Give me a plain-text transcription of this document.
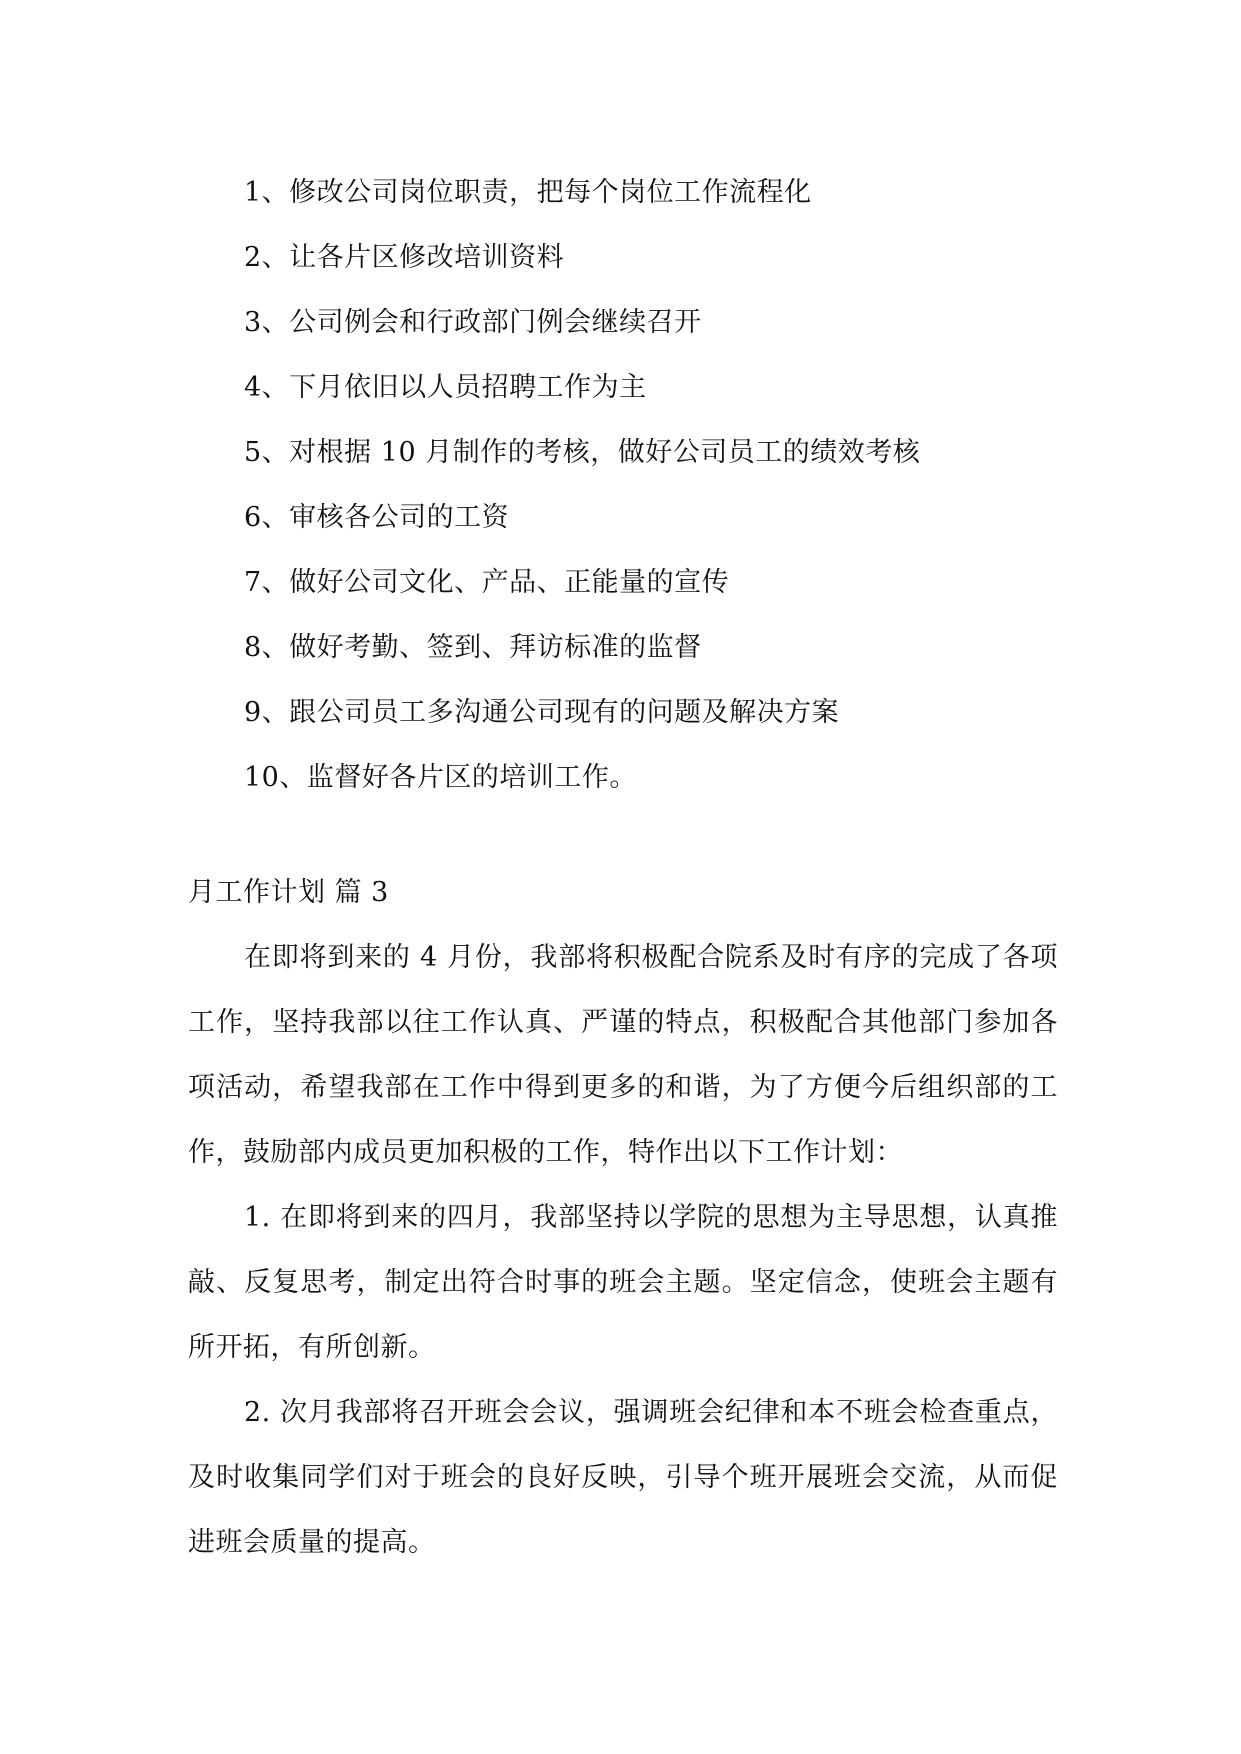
1、修改公司岗位职责，把每个岗位工作流程化
2、让各片区修改培训资料
3、公司例会和行政部门例会继续召开
4、下月依旧以人员招聘工作为主
5、对根据 10 月制作的考核，做好公司员工的绩效考核
6、审核各公司的工资
7、做好公司文化、产品、正能量的宣传
8、做好考勤、签到、拜访标准的监督
9、跟公司员工多沟通公司现有的问题及解决方案
10、监督好各片区的培训工作。
月工作计划 篇 3

在即将到来的 4 月份，我部将积极配合院系及时有序的完成了各项工作，坚持我部以往工作认真、严谨的特点，积极配合其他部门参加各项活动，希望我部在工作中得到更多的和谐，为了方便今后组织部的工作，鼓励部内成员更加积极的工作，特作出以下工作计划：

1. 在即将到来的四月，我部坚持以学院的思想为主导思想，认真推敲、反复思考，制定出符合时事的班会主题。坚定信念，使班会主题有所开拓，有所创新。

2. 次月我部将召开班会会议，强调班会纪律和本不班会检查重点，及时收集同学们对于班会的良好反映，引导个班开展班会交流，从而促进班会质量的提高。
